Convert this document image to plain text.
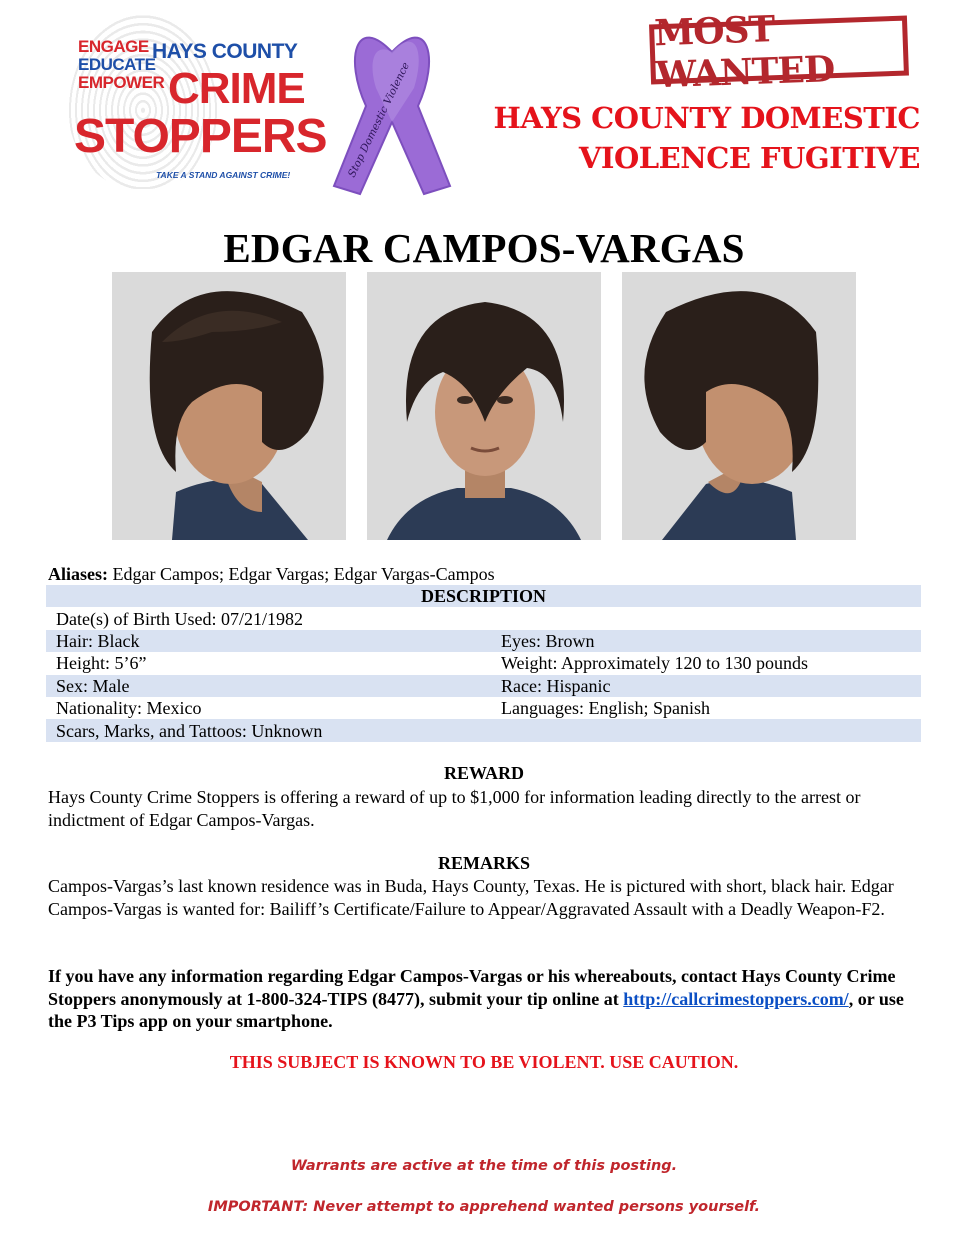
ENGAGE
EDUCATE
EMPOWER
HAYS COUNTY
CRIME
STOPPERS
TAKE A STAND AGAINST CRIME!	Stop Domestic Violence
MOST WANTED
HAYS COUNTY DOMESTIC
VIOLENCE FUGITIVE
EDGAR CAMPOS-VARGAS
Aliases: Edgar Campos; Edgar Vargas; Edgar Vargas-Campos
DESCRIPTION	
Date(s) of Birth Used: 07/21/1982	
Hair: Black	Eyes: Brown
Height: 5’6”	Weight: Approximately 120 to 130 pounds
Sex: Male	Race: Hispanic
Nationality: Mexico	Languages: English; Spanish
Scars, Marks, and Tattoos: Unknown	
REWARD
Hays County Crime Stoppers is offering a reward of up to $1,000 for information leading directly to the arrest or indictment of Edgar Campos-Vargas.
REMARKS
Campos-Vargas’s last known residence was in Buda, Hays County, Texas. He is pictured with short, black hair. Edgar Campos-Vargas is wanted for: Bailiff’s Certificate/Failure to Appear/Aggravated Assault with a Deadly Weapon-F2.
If you have any information regarding Edgar Campos-Vargas or his whereabouts, contact Hays County Crime Stoppers anonymously at 1-800-324-TIPS (8477), submit your tip online at http://callcrimestoppers.com/, or use the P3 Tips app on your smartphone.
THIS SUBJECT IS KNOWN TO BE VIOLENT. USE CAUTION.
Warrants are active at the time of this posting.
IMPORTANT: Never attempt to apprehend wanted persons yourself.
